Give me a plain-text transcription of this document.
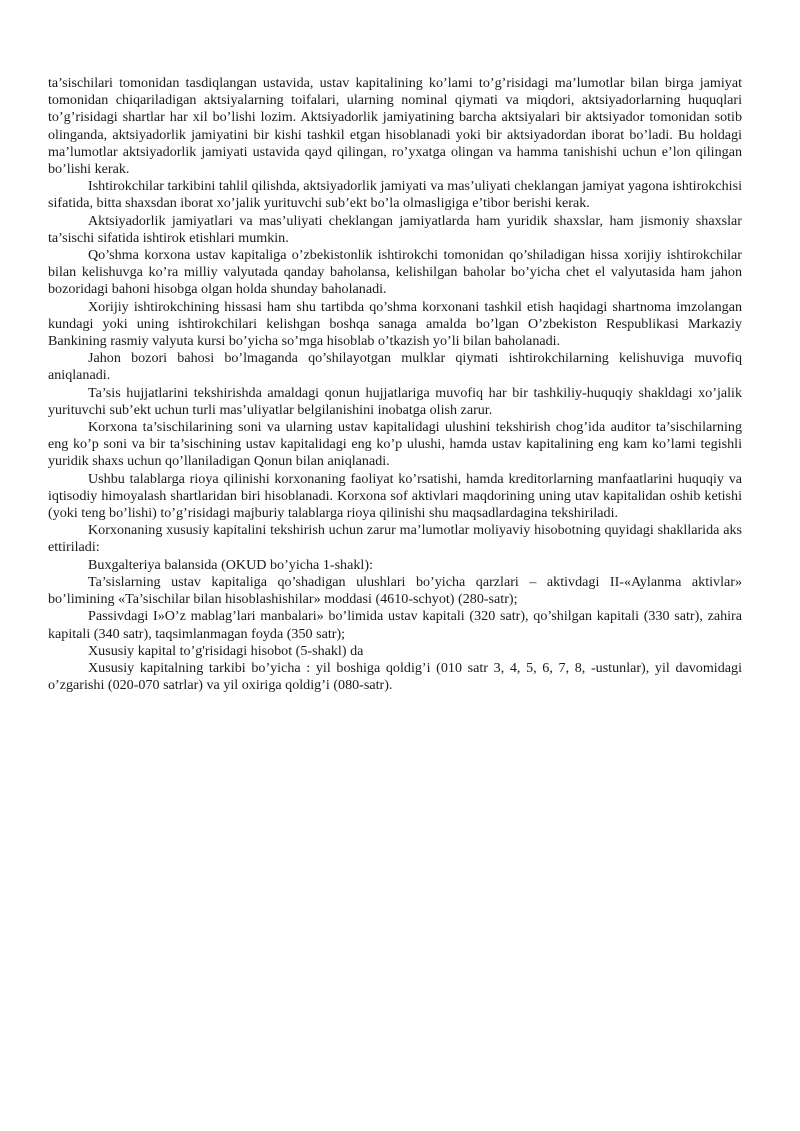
ta’sischilari tomonidan tasdiqlangan ustavida, ustav kapitalining ko’lami to’g’risidagi ma’lumotlar bilan birga jamiyat tomonidan chiqariladigan aktsiyalarning toifalari, ularning nominal qiymati va miqdori, aktsiyadorlarning huquqlari to’g’risidagi shartlar har xil bo’lishi lozim. Aktsiyadorlik jamiyatining barcha aktsiyalari bir aktsiyador tomonidan sotib olinganda, aktsiyadorlik jamiyatini bir kishi tashkil etgan hisoblanadi yoki bir aktsiyadordan iborat bo’ladi. Bu holdagi ma’lumotlar aktsiyadorlik jamiyati ustavida qayd qilingan, ro’yxatga olingan va hamma tanishishi uchun e’lon qilingan bo’lishi kerak.

Ishtirokchilar tarkibini tahlil qilishda, aktsiyadorlik jamiyati va mas’uliyati cheklangan jamiyat yagona ishtirokchisi sifatida, bitta shaxsdan iborat xo’jalik yurituvchi sub’ekt bo’la olmasligiga e’tibor berishi kerak.

Aktsiyadorlik jamiyatlari va mas’uliyati cheklangan jamiyatlarda ham yuridik shaxslar, ham jismoniy shaxslar ta’sischi sifatida ishtirok etishlari mumkin.

Qo’shma korxona ustav kapitaliga o’zbekistonlik ishtirokchi tomonidan qo’shiladigan hissa xorijiy ishtirokchilar bilan kelishuvga ko’ra milliy valyutada qanday baholansa, kelishilgan baholar bo’yicha chet el valyutasida ham jahon bozoridagi bahoni hisobga olgan holda shunday baholanadi.

Xorijiy ishtirokchining hissasi ham shu tartibda qo’shma korxonani tashkil etish haqidagi shartnoma imzolangan kundagi yoki uning ishtirokchilari kelishgan boshqa sanaga amalda bo’lgan O’zbekiston Respublikasi Markaziy Bankining rasmiy valyuta kursi bo’yicha so’mga hisoblab o’tkazish yo’li bilan baholanadi.

Jahon bozori bahosi bo’lmaganda qo’shilayotgan mulklar qiymati ishtirokchilarning kelishuviga muvofiq aniqlanadi.

Ta’sis hujjatlarini tekshirishda amaldagi qonun hujjatlariga muvofiq har bir tashkiliy-huquqiy shakldagi xo’jalik yurituvchi sub’ekt uchun turli mas’uliyatlar belgilanishini inobatga olish zarur.

Korxona ta’sischilarining soni va ularning ustav kapitalidagi ulushini tekshirish chog’ida auditor ta’sischilarning eng ko’p soni va bir ta’sischining ustav kapitalidagi eng ko’p ulushi, hamda ustav kapitalining eng kam ko’lami tegishli yuridik shaxs uchun qo’llaniladigan Qonun bilan aniqlanadi.

Ushbu talablarga rioya qilinishi korxonaning faoliyat ko’rsatishi, hamda kreditorlarning manfaatlarini huquqiy va iqtisodiy himoyalash shartlaridan biri hisoblanadi. Korxona sof aktivlari maqdorining uning utav kapitalidan oshib ketishi (yoki teng bo’lishi) to’g’risidagi majburiy talablarga rioya qilinishi shu maqsadlardagina tekshiriladi.

Korxonaning xususiy kapitalini tekshirish uchun zarur ma’lumotlar moliyaviy hisobotning quyidagi shakllarida aks ettiriladi:

Buxgalteriya balansida (OKUD bo’yicha 1-shakl):

Ta’sislarning ustav kapitaliga qo’shadigan ulushlari bo’yicha qarzlari – aktivdagi II-«Aylanma aktivlar» bo’limining «Ta’sischilar bilan hisoblashishilar» moddasi (4610-schyot) (280-satr);

Passivdagi I»O’z mablag’lari manbalari» bo’limida ustav kapitali (320 satr), qo’shilgan kapitali (330 satr), zahira kapitali (340 satr), taqsimlanmagan foyda (350 satr);

Xususiy kapital to’g'risidagi hisobot (5-shakl) da

Xususiy kapitalning tarkibi bo’yicha : yil boshiga qoldig’i (010 satr 3, 4, 5, 6, 7, 8, -ustunlar), yil davomidagi o’zgarishi (020-070 satrlar) va yil oxiriga qoldig’i (080-satr).
